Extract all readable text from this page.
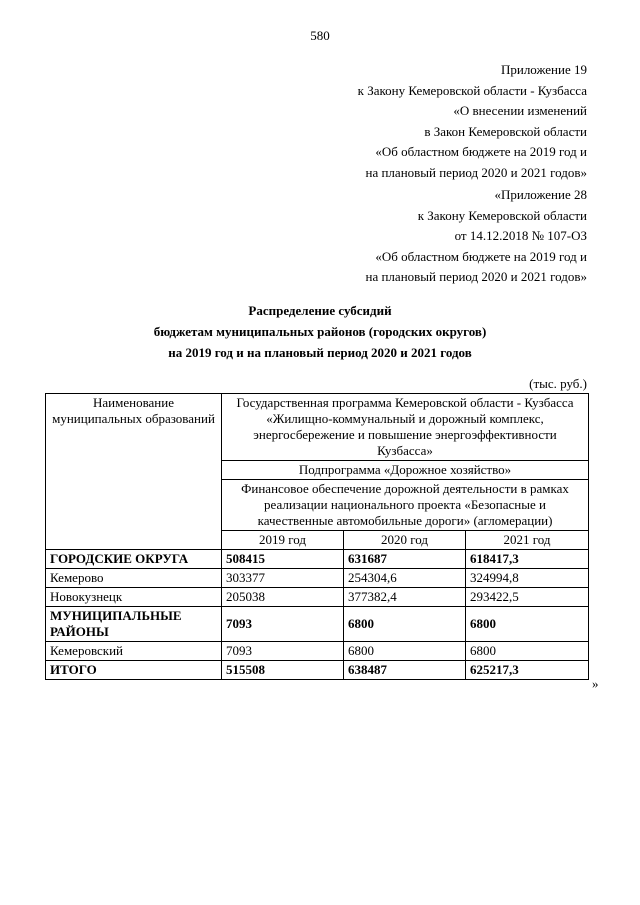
580
Приложение 19
к Закону Кемеровской области - Кузбасса
«О внесении изменений
в Закон Кемеровской области
«Об областном бюджете на 2019 год и
на плановый период 2020 и 2021 годов»
«Приложение 28
к Закону Кемеровской области
от 14.12.2018 № 107-ОЗ
«Об областном бюджете на 2019 год и
на плановый период 2020 и 2021 годов»
Распределение субсидий
бюджетам муниципальных районов (городских округов)
на 2019 год и на плановый период 2020 и 2021 годов
(тыс. руб.)
Наименование муниципальных образований	Государственная программа Кемеровской области - Кузбасса «Жилищно-коммунальный и дорожный комплекс, энергосбережение и повышение энергоэффективности Кузбасса»		
	Подпрограмма «Дорожное хозяйство»		
	Финансовое обеспечение дорожной деятельности в рамках реализации национального проекта «Безопасные и качественные автомобильные дороги» (агломерации)		
	2019 год	2020 год	2021 год
ГОРОДСКИЕ ОКРУГА	508415	631687	618417,3
Кемерово	303377	254304,6	324994,8
Новокузнецк	205038	377382,4	293422,5
МУНИЦИПАЛЬНЫЕ РАЙОНЫ	7093	6800	6800
Кемеровский	7093	6800	6800
ИТОГО	515508	638487	625217,3
»
